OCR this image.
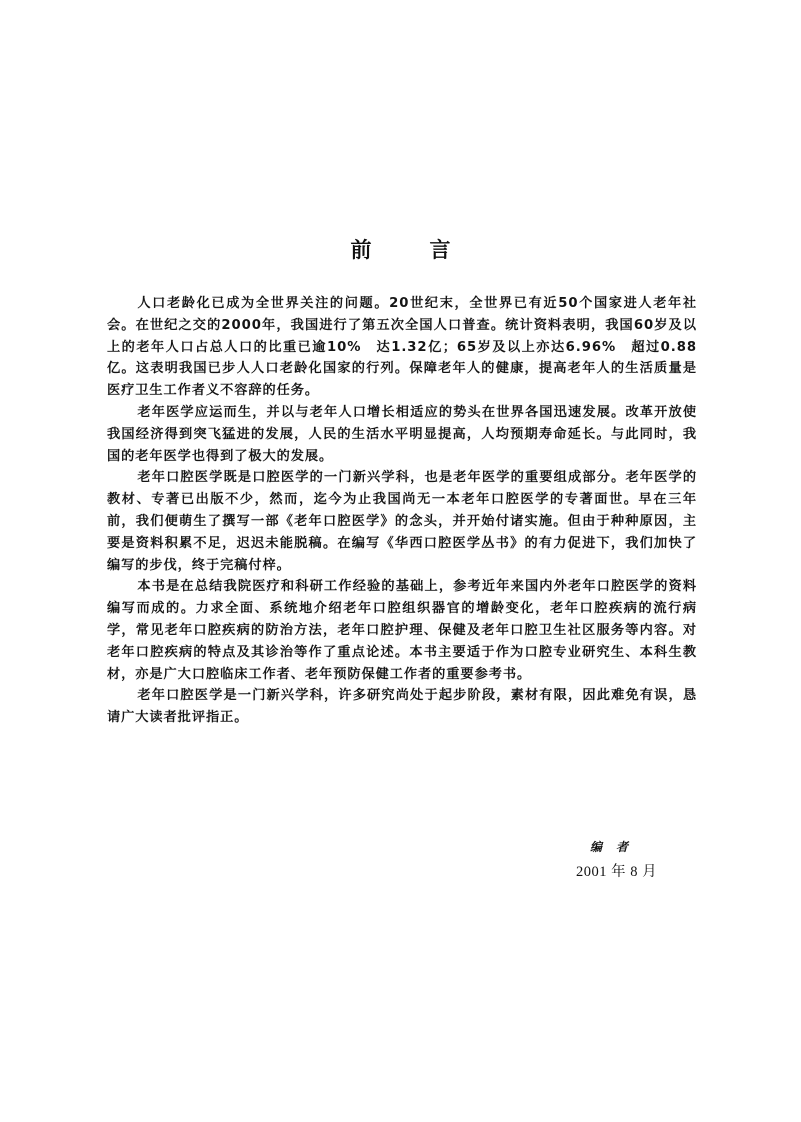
前	言

人口老龄化已成为全世界关注的问题。20世纪末，全世界已有近50个国家进人老年社会。在世纪之交的2000年，我国进行了第五次全国人口普查。统计资料表明，我国60岁及以上的老年人口占总人口的比重已逾10%　达1.32亿；65岁及以上亦达6.96%　超过0.88亿。这表明我国已步人人口老龄化国家的行列。保障老年人的健康，提高老年人的生活质量是医疗卫生工作者义不容辞的任务。

老年医学应运而生，并以与老年人口增长相适应的势头在世界各国迅速发展。改革开放使我国经济得到突飞猛进的发展，人民的生活水平明显提高，人均预期寿命延长。与此同时，我国的老年医学也得到了极大的发展。

老年口腔医学既是口腔医学的一门新兴学科，也是老年医学的重要组成部分。老年医学的教材、专著已出版不少，然而，迄今为止我国尚无一本老年口腔医学的专著面世。早在三年前，我们便萌生了撰写一部《老年口腔医学》的念头，并开始付诸实施。但由于种种原因，主要是资料积累不足，迟迟未能脱稿。在编写《华西口腔医学丛书》的有力促进下，我们加快了编写的步伐，终于完稿付梓。

本书是在总结我院医疗和科研工作经验的基础上，参考近年来国内外老年口腔医学的资料编写而成的。力求全面、系统地介绍老年口腔组织器官的增龄变化，老年口腔疾病的流行病学，常见老年口腔疾病的防治方法，老年口腔护理、保健及老年口腔卫生社区服务等内容。对老年口腔疾病的特点及其诊治等作了重点论述。本书主要适于作为口腔专业研究生、本科生教材，亦是广大口腔临床工作者、老年预防保健工作者的重要参考书。

老年口腔医学是一门新兴学科，许多研究尚处于起步阶段，素材有限，因此难免有误，恳请广大读者批评指正。

编者
2001 年 8 月
